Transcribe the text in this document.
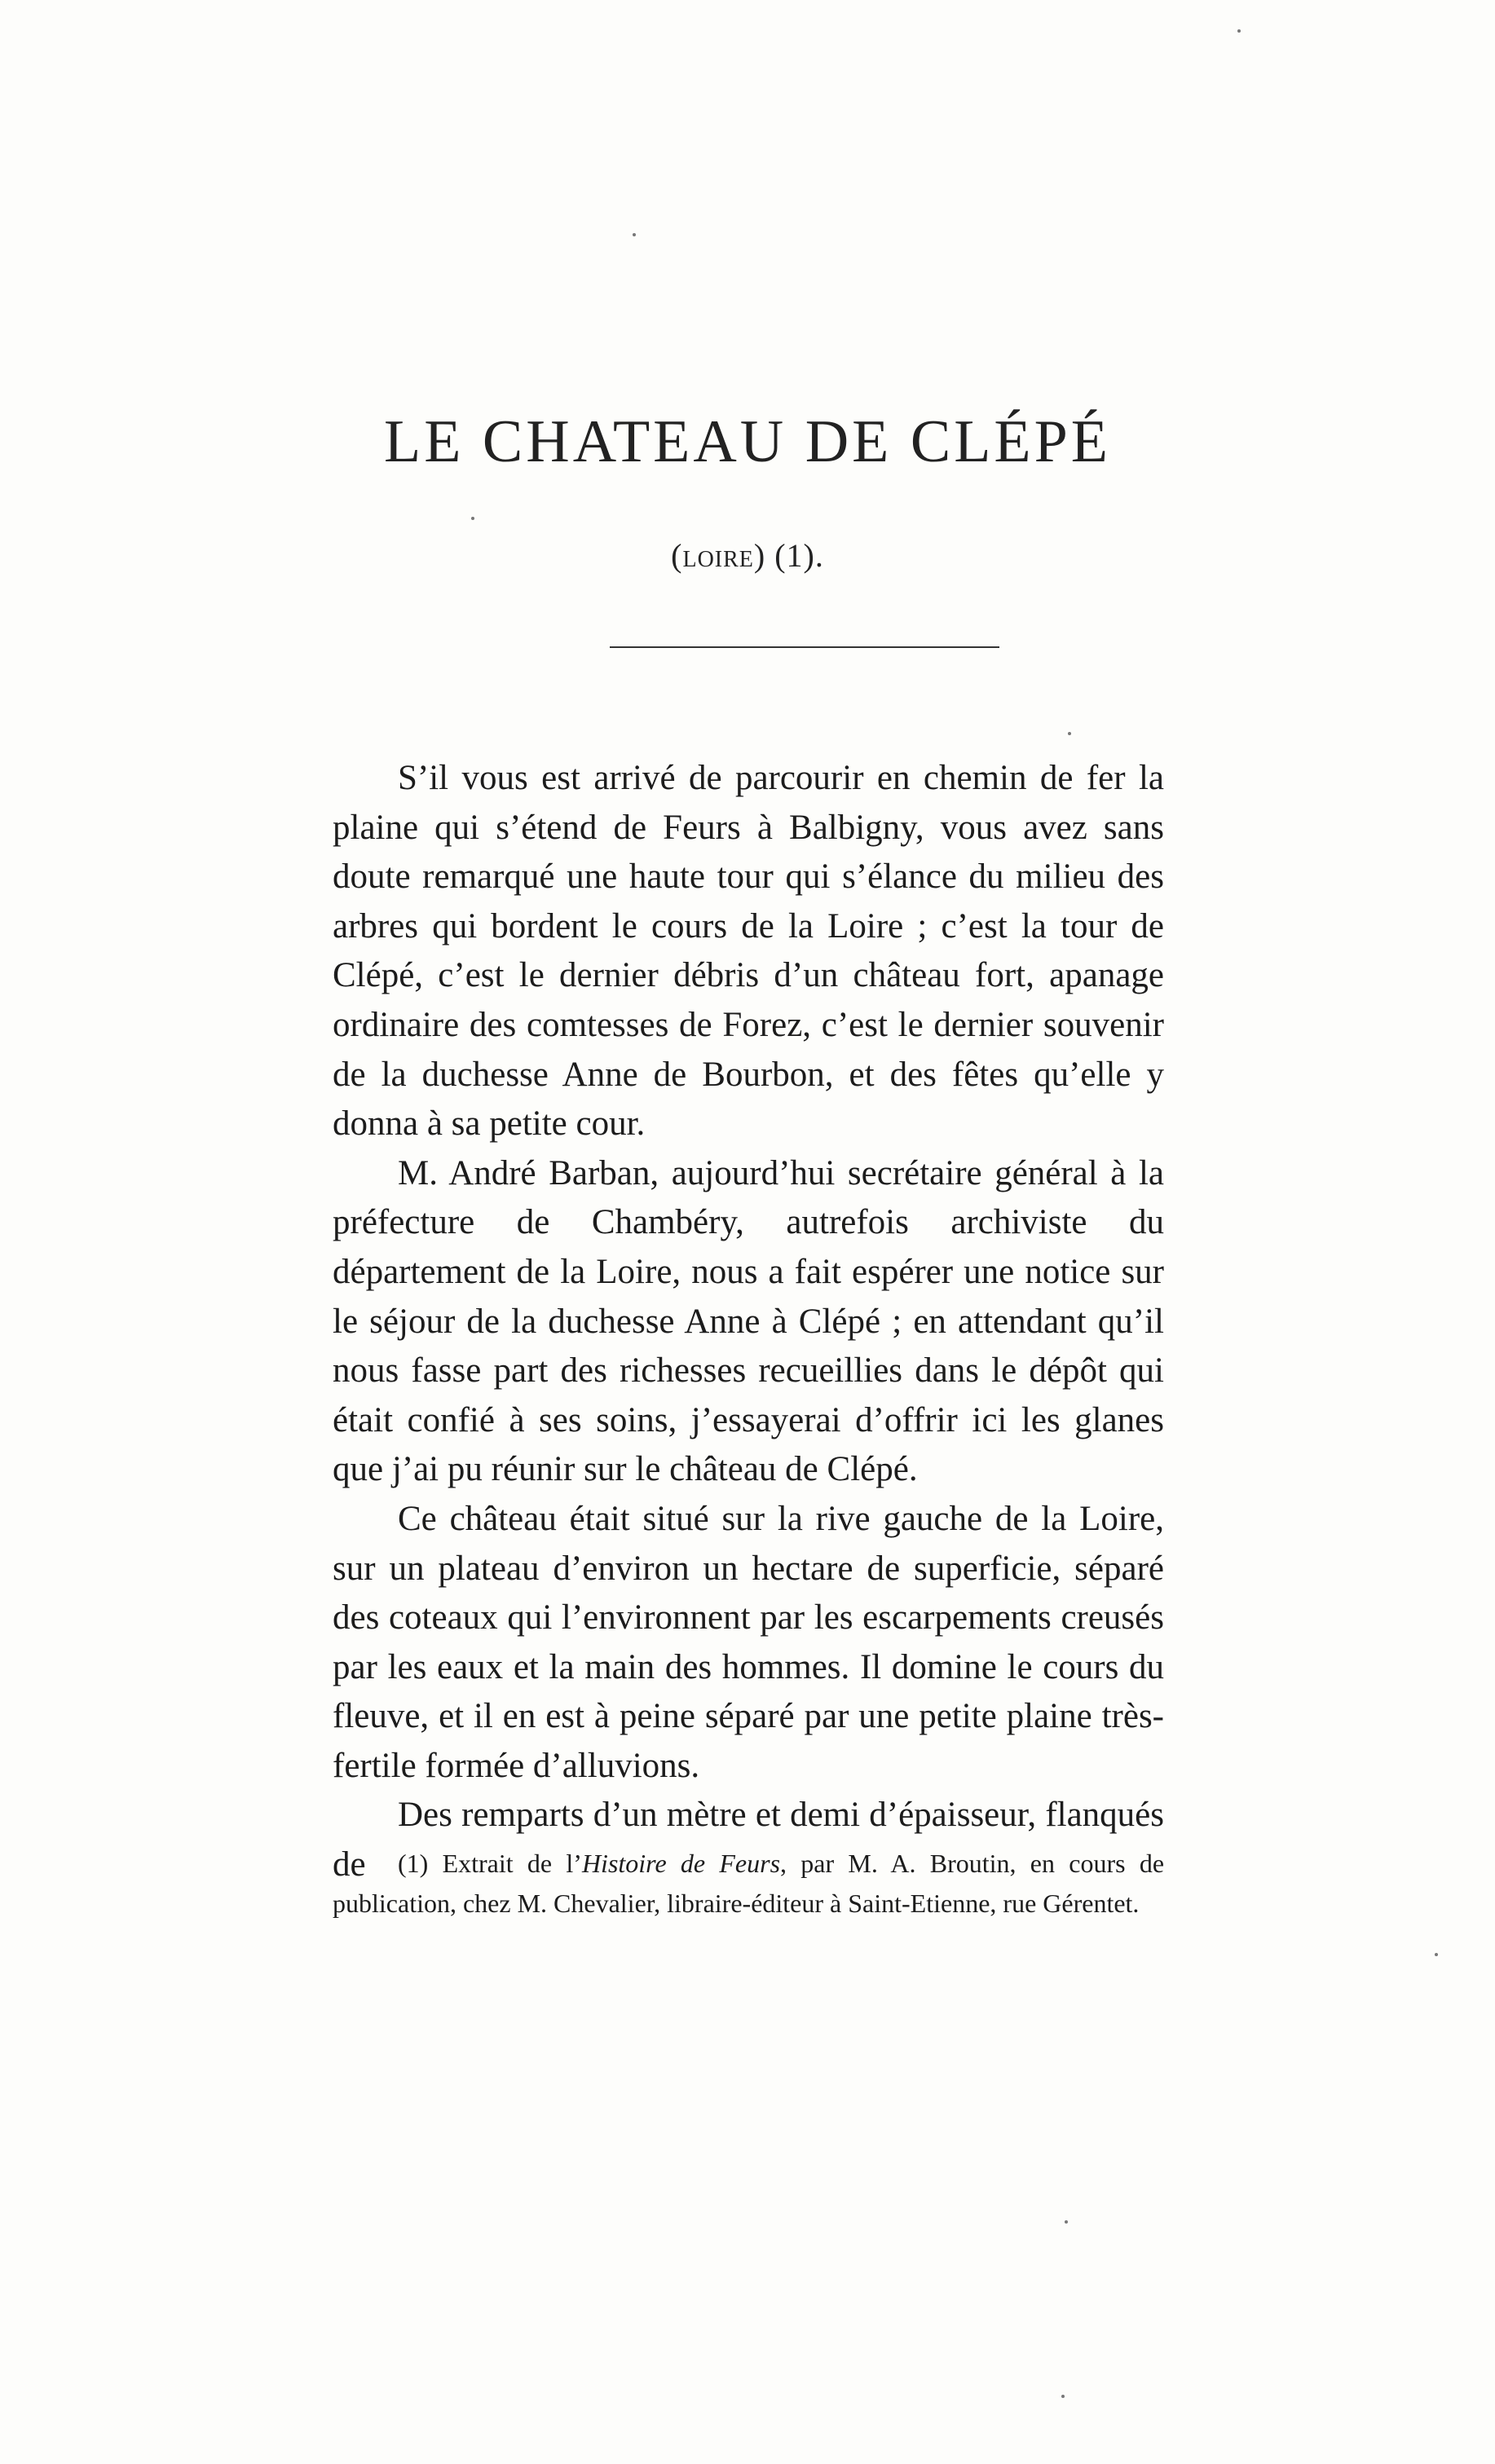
LE CHATEAU DE CLÉPÉ
(loire) (1).

S’il vous est arrivé de parcourir en chemin de fer la plaine qui s’étend de Feurs à Balbigny, vous avez sans doute remarqué une haute tour qui s’élance du milieu des arbres qui bordent le cours de la Loire ; c’est la tour de Clépé, c’est le dernier débris d’un château fort, apanage ordinaire des comtesses de Forez, c’est le dernier souvenir de la duchesse Anne de Bourbon, et des fêtes qu’elle y donna à sa petite cour.

M. André Barban, aujourd’hui secrétaire général à la préfecture de Chambéry, autrefois archiviste du département de la Loire, nous a fait espérer une notice sur le séjour de la duchesse Anne à Clépé ; en attendant qu’il nous fasse part des richesses recueillies dans le dépôt qui était confié à ses soins, j’essayerai d’offrir ici les glanes que j’ai pu réunir sur le château de Clépé.

Ce château était situé sur la rive gauche de la Loire, sur un plateau d’environ un hectare de superficie, séparé des coteaux qui l’environnent par les escarpements creusés par les eaux et la main des hommes. Il domine le cours du fleuve, et il en est à peine séparé par une petite plaine très-fertile formée d’alluvions.

Des remparts d’un mètre et demi d’épaisseur, flanqués de	(1) Extrait de l’Histoire de Feurs, par M. A. Broutin, en cours de publication, chez M. Chevalier, libraire-éditeur à Saint-Etienne, rue Gérentet.
